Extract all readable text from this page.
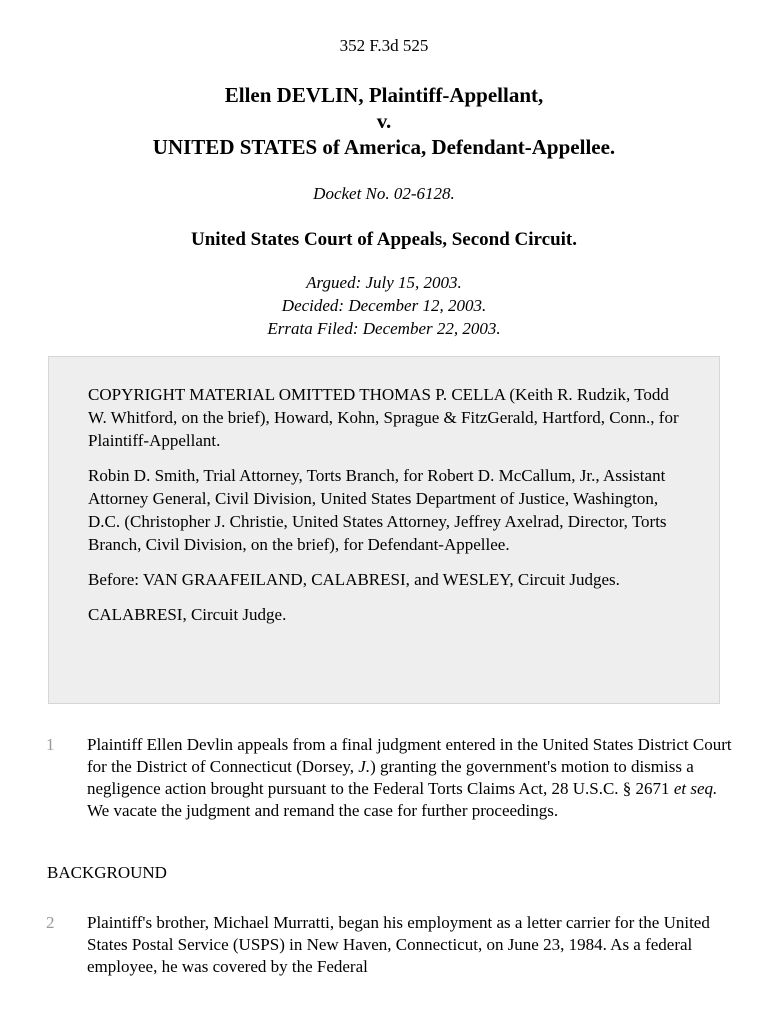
352 F.3d 525
Ellen DEVLIN, Plaintiff-Appellant,
v.
UNITED STATES of America, Defendant-Appellee.
Docket No. 02-6128.
United States Court of Appeals, Second Circuit.
Argued: July 15, 2003.
Decided: December 12, 2003.
Errata Filed: December 22, 2003.

COPYRIGHT MATERIAL OMITTED THOMAS P. CELLA (Keith R. Rudzik, Todd W. Whitford, on the brief), Howard, Kohn, Sprague & FitzGerald, Hartford, Conn., for Plaintiff-Appellant.

Robin D. Smith, Trial Attorney, Torts Branch, for Robert D. McCallum, Jr., Assistant Attorney General, Civil Division, United States Department of Justice, Washington, D.C. (Christopher J. Christie, United States Attorney, Jeffrey Axelrad, Director, Torts Branch, Civil Division, on the brief), for Defendant-Appellee.

Before: VAN GRAAFEILAND, CALABRESI, and WESLEY, Circuit Judges.

CALABRESI, Circuit Judge.

1 Plaintiff Ellen Devlin appeals from a final judgment entered in the United States District Court for the District of Connecticut (Dorsey, J.) granting the government's motion to dismiss a negligence action brought pursuant to the Federal Torts Claims Act, 28 U.S.C. § 2671 et seq. We vacate the judgment and remand the case for further proceedings.
BACKGROUND
2 Plaintiff's brother, Michael Murratti, began his employment as a letter carrier for the United States Postal Service (USPS) in New Haven, Connecticut, on June 23, 1984. As a federal employee, he was covered by the Federal
